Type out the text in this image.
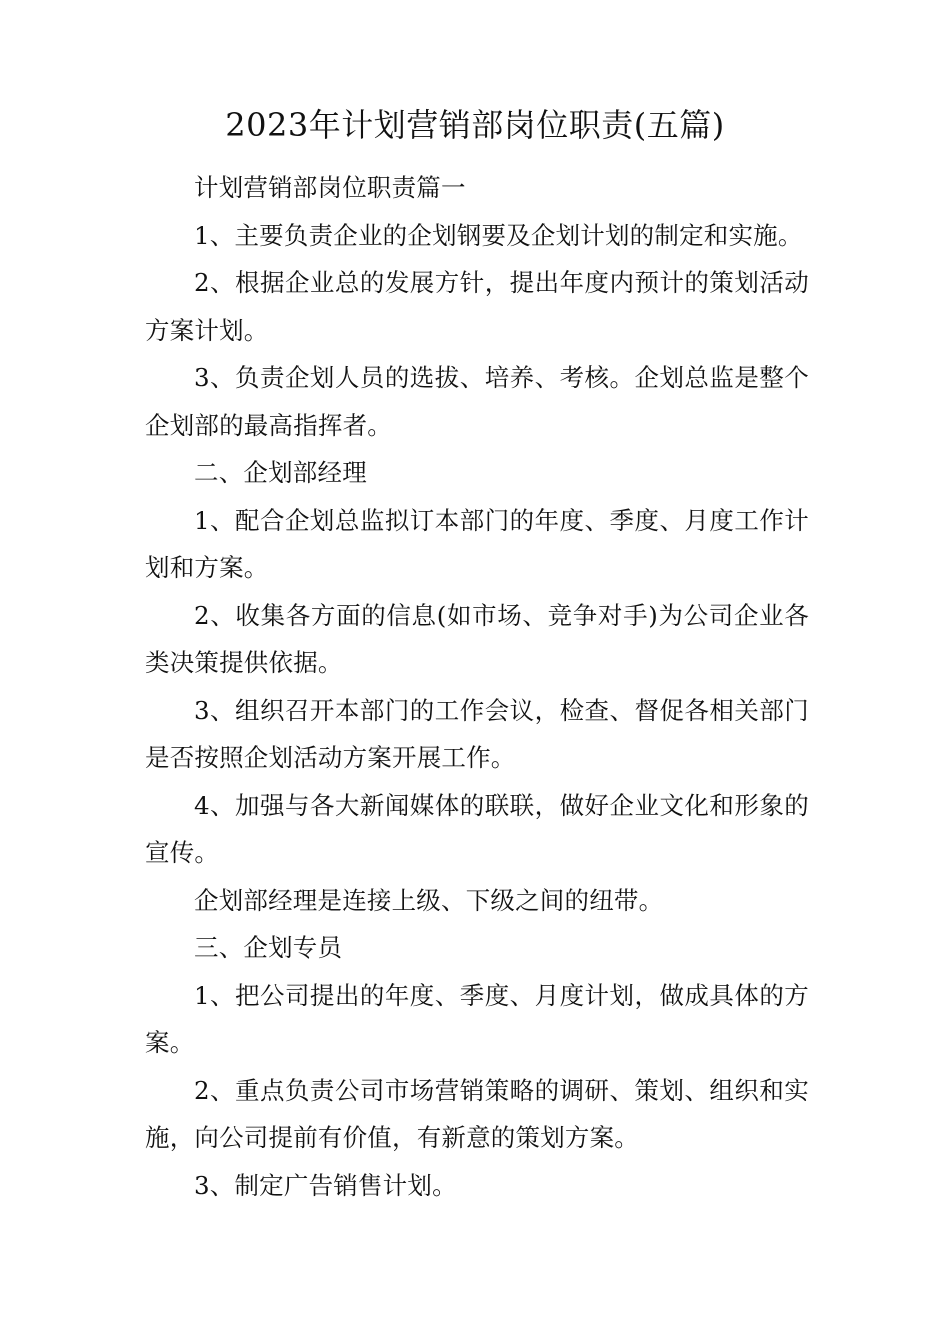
2023年计划营销部岗位职责(五篇)

计划营销部岗位职责篇一

1、主要负责企业的企划钢要及企划计划的制定和实施。

2、根据企业总的发展方针，提出年度内预计的策划活动方案计划。

3、负责企划人员的选拔、培养、考核。企划总监是整个企划部的最高指挥者。

二、企划部经理

1、配合企划总监拟订本部门的年度、季度、月度工作计划和方案。

2、收集各方面的信息(如市场、竞争对手)为公司企业各类决策提供依据。

3、组织召开本部门的工作会议，检查、督促各相关部门是否按照企划活动方案开展工作。

4、加强与各大新闻媒体的联联，做好企业文化和形象的宣传。

企划部经理是连接上级、下级之间的纽带。

三、企划专员

1、把公司提出的年度、季度、月度计划，做成具体的方案。

2、重点负责公司市场营销策略的调研、策划、组织和实施，向公司提前有价值，有新意的策划方案。

3、制定广告销售计划。
